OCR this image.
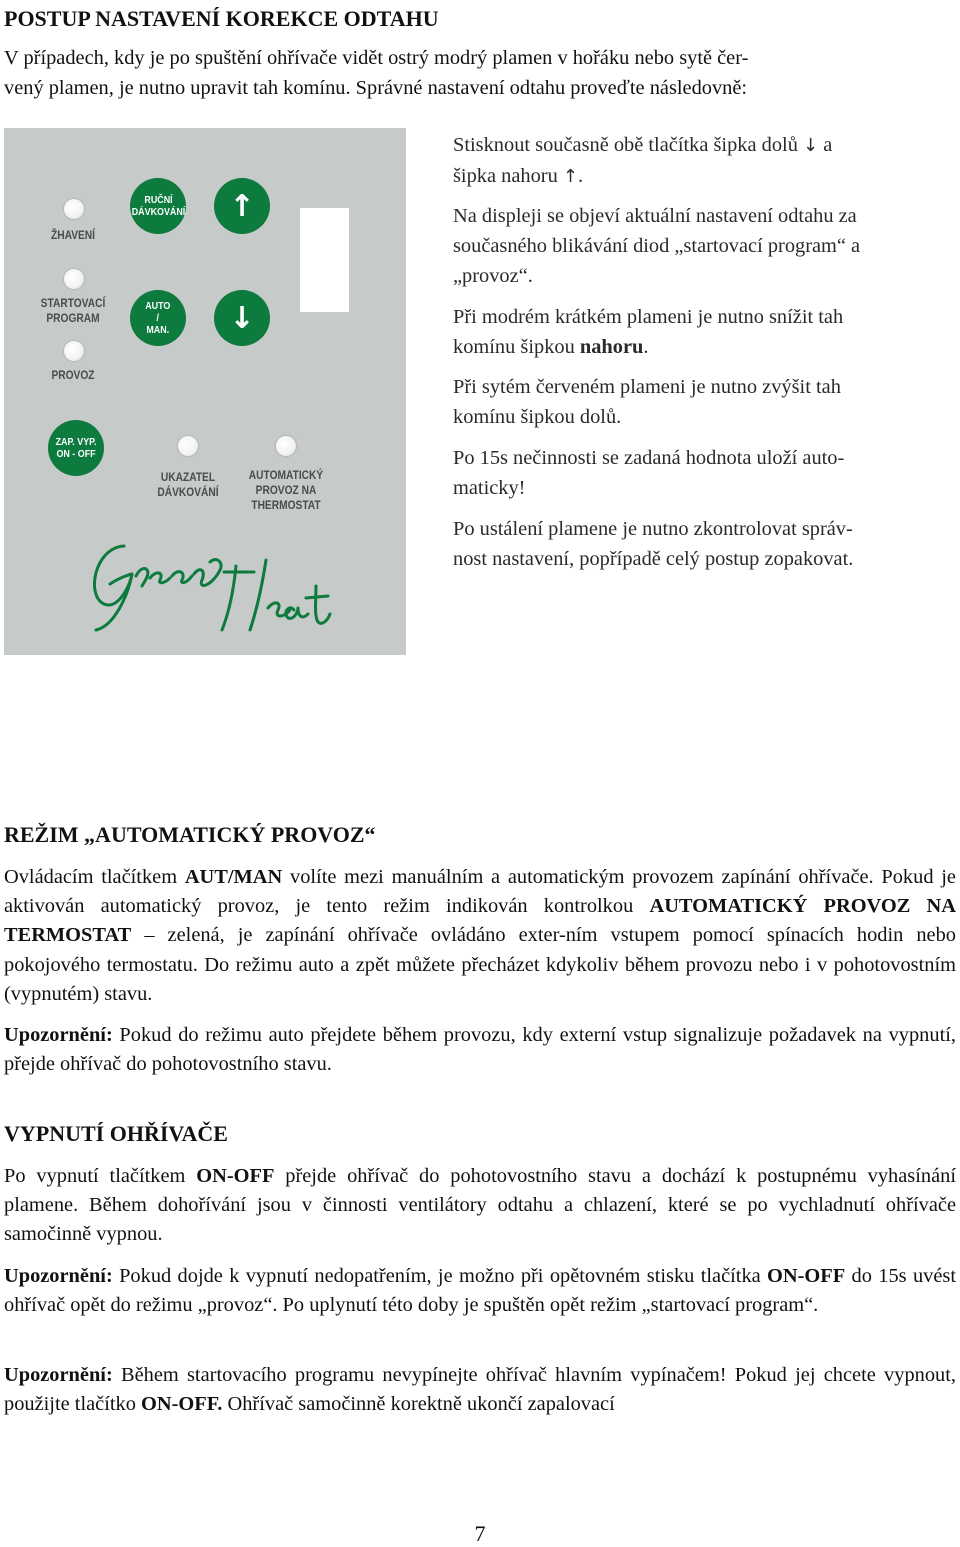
POSTUP NASTAVENÍ KOREKCE ODTAHU
V případech, kdy je po spuštění ohřívače vidět ostrý modrý plamen v hořáku nebo sytě čer-
vený plamen, je nutno upravit tah komínu. Správné nastavení odtahu proveďte následovně:
ŽHAVENÍ
STARTOVACÍ
PROGRAM
PROVOZ
RUČNÍ
DÁVKOVÁNÍ
AUTO
/
MAN.
↑
↓
ZAP. VYP.
ON - OFF
UKAZATEL
DÁVKOVÁNÍ
AUTOMATICKÝ
PROVOZ NA
THERMOSTAT
Stisknout současně obě tlačítka šipka dolů ↓ a
šipka nahoru ↑.
Na displeji se objeví aktuální nastavení odtahu za
současného blikávání diod „startovací program“ a
„provoz“.
Při modrém krátkém plameni je nutno snížit tah
komínu šipkou nahoru.
Při sytém červeném plameni je nutno zvýšit tah
komínu šipkou dolů.
Po 15s nečinnosti se zadaná hodnota uloží auto-
maticky!
Po ustálení plamene je nutno zkontrolovat správ-
nost nastavení, popřípadě celý postup zopakovat.
REŽIM „AUTOMATICKÝ PROVOZ“
Ovládacím tlačítkem AUT/MAN volíte mezi manuálním a automatickým provozem zapínání ohřívače. Pokud je aktivován automatický provoz, je tento režim indikován kontrolkou AUTOMATICKÝ PROVOZ NA TERMOSTAT – zelená, je zapínání ohřívače ovládáno exter-ním vstupem pomocí spínacích hodin nebo pokojového termostatu. Do režimu auto a zpět můžete přecházet kdykoliv během provozu nebo i v pohotovostním (vypnutém) stavu.
Upozornění: Pokud do režimu auto přejdete během provozu, kdy externí vstup signalizuje požadavek na vypnutí, přejde ohřívač do pohotovostního stavu.
VYPNUTÍ OHŘÍVAČE
Po vypnutí tlačítkem ON-OFF přejde ohřívač do pohotovostního stavu a dochází k postupnému vyhasínání plamene. Během dohořívání jsou v činnosti ventilátory odtahu a chlazení, které se po vychladnutí ohřívače samočinně vypnou.
Upozornění: Pokud dojde k vypnutí nedopatřením, je možno při opětovném stisku tlačítka ON-OFF do 15s uvést ohřívač opět do režimu „provoz“. Po uplynutí této doby je spuštěn opět režim „startovací program“.
Upozornění: Během startovacího programu nevypínejte ohřívač hlavním vypínačem! Pokud jej chcete vypnout, použijte tlačítko ON-OFF. Ohřívač samočinně korektně ukončí zapalovací
7
